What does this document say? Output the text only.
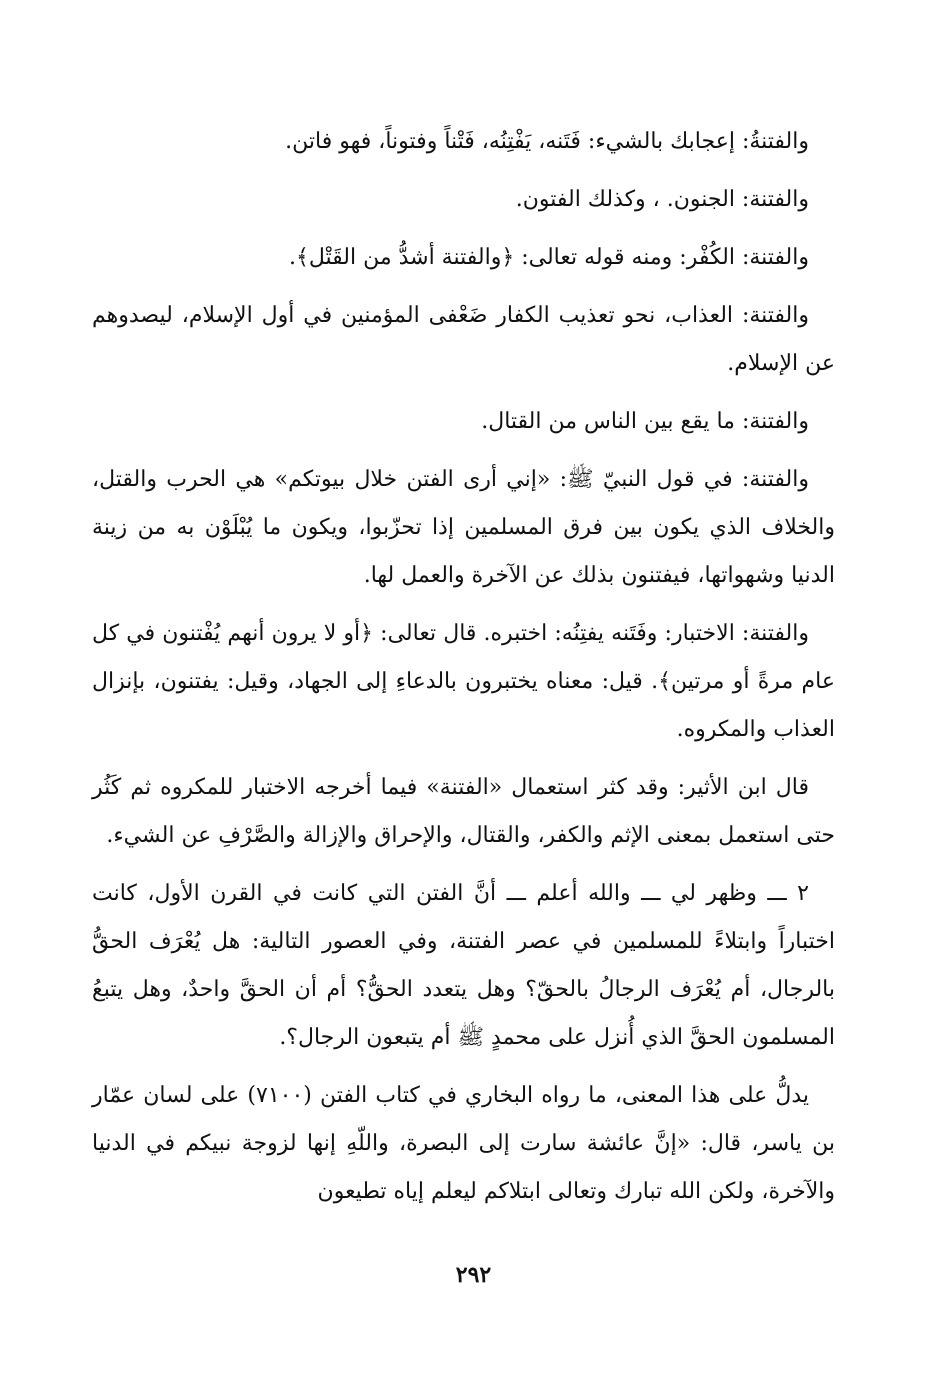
والفتنةُ: إعجابك بالشيء: فَتَنه، يَفْتِنُه، فَتْناً وفتوناً، فهو فاتن.

والفتنة: الجنون. ، وكذلك الفتون.

والفتنة: الكُفْر: ومنه قوله تعالى: ﴿والفتنة أشدُّ من القَتْل﴾.

والفتنة: العذاب، نحو تعذيب الكفار ضَعْفى المؤمنين في أول الإسلام، ليصدوهم عن الإسلام.

والفتنة: ما يقع بين الناس من القتال.

والفتنة: في قول النبيّ ﷺ: «إني أرى الفتن خلال بيوتكم» هي الحرب والقتل، والخلاف الذي يكون بين فرق المسلمين إذا تحزّبوا، ويكون ما يُبْلَوْن به من زينة الدنيا وشهواتها، فيفتنون بذلك عن الآخرة والعمل لها.

والفتنة: الاختبار: وفَتَنه يفتِنُه: اختبره. قال تعالى: ﴿أو لا يرون أنهم يُفْتنون في كل عام مرةً أو مرتين﴾. قيل: معناه يختبرون بالدعاءِ إلى الجهاد، وقيل: يفتنون، بإنزال العذاب والمكروه.

قال ابن الأثير: وقد كثر استعمال «الفتنة» فيما أخرجه الاختبار للمكروه ثم كَثُر حتى استعمل بمعنى الإثم والكفر، والقتال، والإحراق والإزالة والصَّرْفِ عن الشيء.

٢ ـــ وظهر لي ـــ والله أعلم ـــ أنَّ الفتن التي كانت في القرن الأول، كانت اختباراً وابتلاءً للمسلمين في عصر الفتنة، وفي العصور التالية: هل يُعْرَف الحقُّ بالرجال، أم يُعْرَف الرجالُ بالحقّ؟ وهل يتعدد الحقُّ؟ أم أن الحقَّ واحدٌ، وهل يتبعُ المسلمون الحقَّ الذي أُنزل على محمدٍ ﷺ أم يتبعون الرجال؟.

يدلُّ على هذا المعنى، ما رواه البخاري في كتاب الفتن (٧١٠٠) على لسان عمّار بن ياسر، قال: «إنَّ عائشة سارت إلى البصرة، واللّهِ إنها لزوجة نبيكم في الدنيا والآخرة، ولكن الله تبارك وتعالى ابتلاكم ليعلم إياه تطيعون

٢٩٢
